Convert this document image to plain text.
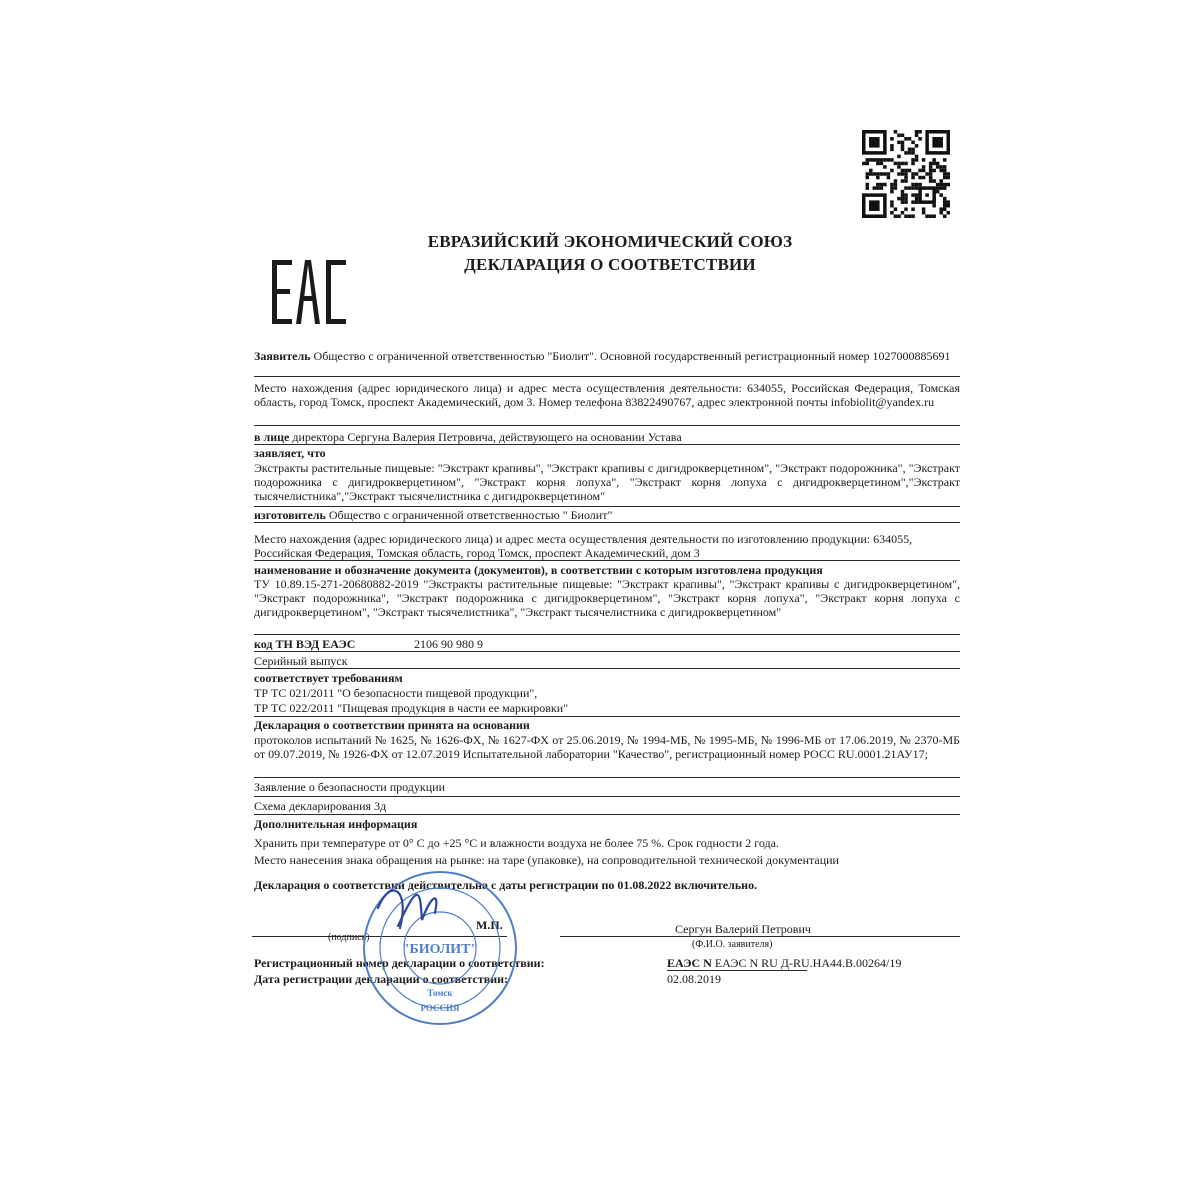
ЕВРАЗИЙСКИЙ ЭКОНОМИЧЕСКИЙ СОЮЗ
ДЕКЛАРАЦИЯ О СООТВЕТСТВИИ
Заявитель Общество с ограниченной ответственностью "Биолит". Основной государственный регистрационный номер 1027000885691
Место нахождения (адрес юридического лица) и адрес места осуществления деятельности: 634055, Российская Федерация, Томская область, город Томск, проспект Академический, дом 3. Номер телефона 83822490767, адрес электронной почты infobiolit@yandex.ru
в лице директора Сергуна Валерия Петровича, действующего на основании Устава
заявляет, что
Экстракты растительные пищевые: "Экстракт крапивы", "Экстракт крапивы с дигидрокверцетином", "Экстракт подорожника", "Экстракт подорожника с дигидрокверцетином", "Экстракт корня лопуха", "Экстракт корня лопуха с дигидрокверцетином","Экстракт тысячелистника","Экстракт тысячелистника с дигидрокверцетином"
изготовитель Общество с ограниченной ответственностью " Биолит"
Место нахождения (адрес юридического лица) и адрес места осуществления деятельности по изготовлению продукции: 634055, Российская Федерация, Томская область, город Томск, проспект Академический, дом 3
наименование и обозначение документа (документов), в соответствии с которым изготовлена продукция
ТУ 10.89.15-271-20680882-2019 "Экстракты растительные пищевые: "Экстракт крапивы", "Экстракт крапивы с дигидрокверцетином", "Экстракт подорожника", "Экстракт подорожника с дигидрокверцетином", "Экстракт корня лопуха", "Экстракт корня лопуха с дигидрокверцетином", "Экстракт тысячелистника", "Экстракт тысячелистника с дигидрокверцетином"
код ТН ВЭД ЕАЭС	2106 90 980 9
Серийный выпуск
соответствует требованиям
ТР ТС 021/2011 "О безопасности пищевой продукции",
ТР ТС 022/2011 "Пищевая продукция в части ее маркировки"
Декларация о соответствии принята на основании
протоколов испытаний № 1625, № 1626-ФХ, № 1627-ФХ от 25.06.2019, № 1994-МБ, № 1995-МБ, № 1996-МБ от 17.06.2019, № 2370-МБ от 09.07.2019, № 1926-ФХ от 12.07.2019 Испытательной лаборатории "Качество", регистрационный номер РОСС RU.0001.21АУ17;
Заявление о безопасности продукции
Схема декларирования 3д
Дополнительная информация
Хранить при температуре от 0° С до +25 °С и влажности воздуха не более 75 %. Срок годности 2 года.
Место нанесения знака обращения на рынке: на таре (упаковке), на сопроводительной технической документации
Декларация о соответствии действительна с даты регистрации по 01.08.2022 включительно.
М.П.	Сергун Валерий Петрович
(подпись)
(Ф.И.О. заявителя)
Регистрационный номер декларации о соответствии:	ЕАЭС N ЕАЭС N RU Д-RU.НА44.В.00264/19
Дата регистрации декларации о соответствии:	02.08.2019
"БИОЛИТ"
Томск
РОССИЯ
